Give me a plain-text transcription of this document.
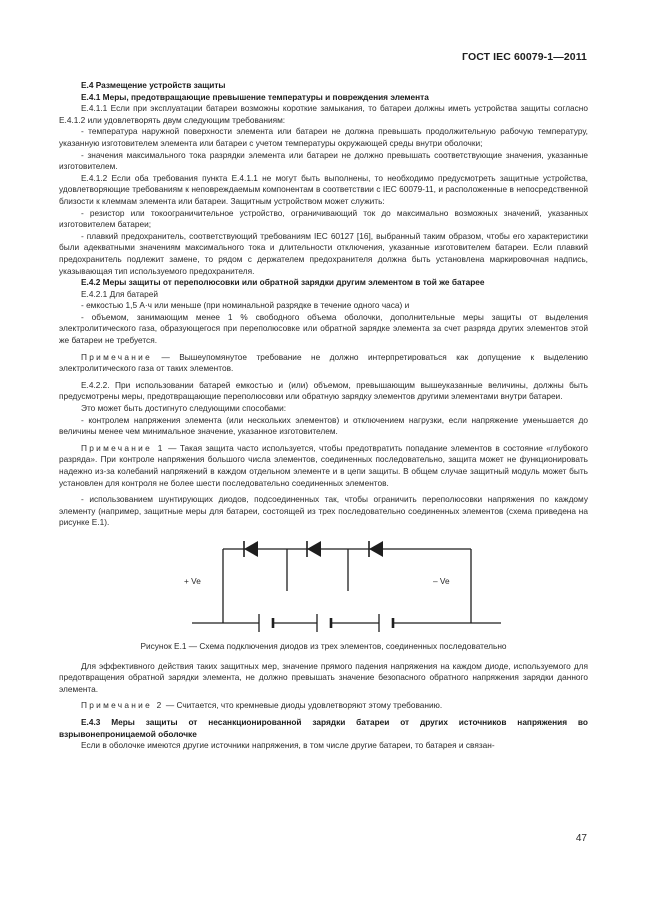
ГОСТ IEC 60079-1—2011

Е.4 Размещение устройств защиты

Е.4.1 Меры, предотвращающие превышение температуры и повреждения элемента

Е.4.1.1 Если при эксплуатации батареи возможны короткие замыкания, то батареи должны иметь устройства защиты согласно Е.4.1.2 или удовлетворять двум следующим требованиям:

- температура наружной поверхности элемента или батареи не должна превышать продолжительную рабочую температуру, указанную изготовителем элемента или батареи с учетом температуры окружающей среды внутри оболочки;

- значения максимального тока разрядки элемента или батареи не должно превышать соответствующие значения, указанные изготовителем.

Е.4.1.2 Если оба требования пункта Е.4.1.1 не могут быть выполнены, то необходимо предусмотреть защитные устройства, удовлетворяющие требованиям к неповреждаемым компонентам в соответствии с IEC 60079-11, и расположенные в непосредственной близости к клеммам элемента или батареи. Защитным устройством может служить:

- резистор или токоограничительное устройство, ограничивающий ток до максимально возможных значений, указанных изготовителем батареи;

- плавкий предохранитель, соответствующий требованиям IEC 60127 [16], выбранный таким образом, чтобы его характеристики были адекватными значениям максимального тока и длительности отключения, указанные изготовителем батареи. Если плавкий предохранитель подлежит замене, то рядом с держателем предохранителя должна быть установлена маркировочная надпись, указывающая тип используемого предохранителя.

Е.4.2 Меры защиты от переполюсовки или обратной зарядки другим элементом в той же батарее

Е.4.2.1 Для батарей

- емкостью 1,5 А·ч или меньше (при номинальной разрядке в течение одного часа) и

- объемом, занимающим менее 1 % свободного объема оболочки, дополнительные меры защиты от выделения электролитического газа, образующегося при переполюсовке или обратной зарядке элемента за счет разряда других элементов этой же батареи не требуется.

Примечание — Вышеупомянутое требование не должно интерпретироваться как допущение к выделению электролитического газа от таких элементов.

Е.4.2.2. При использовании батарей емкостью и (или) объемом, превышающим вышеуказанные величины, должны быть предусмотрены меры, предотвращающие переполюсовки или обратную зарядку элементов другими элементами внутри батареи.

Это может быть достигнуто следующими способами:

- контролем напряжения элемента (или нескольких элементов) и отключением нагрузки, если напряжение уменьшается до величины менее чем минимальное значение, указанное изготовителем.

Примечание 1 — Такая защита часто используется, чтобы предотвратить попадание элементов в состояние «глубокого разряда». При контроле напряжения большого числа элементов, соединенных последовательно, защита может не функционировать надежно из-за колебаний напряжений в каждом отдельном элементе и в цепи защиты. В общем случае защитный модуль может быть установлен для контроля не более шести последовательно соединенных элементов.

- использованием шунтирующих диодов, подсоединенных так, чтобы ограничить переполюсовки напряжения по каждому элементу (например, защитные меры для батареи, состоящей из трех последовательно соединенных элементов (схема приведена на рисунке Е.1).

+ Ve	– Ve

Рисунок Е.1 — Схема подключения диодов из трех элементов, соединенных последовательно

Для эффективного действия таких защитных мер, значение прямого падения напряжения на каждом диоде, используемого для предотвращения обратной зарядки элемента, не должно превышать значение безопасного обратного напряжения зарядки данного элемента.

Примечание 2 — Считается, что кремневые диоды удовлетворяют этому требованию.

Е.4.3 Меры защиты от несанкционированной зарядки батареи от других источников напряжения во взрывонепроницаемой оболочке

Если в оболочке имеются другие источники напряжения, в том числе другие батареи, то батарея и связан-

47
